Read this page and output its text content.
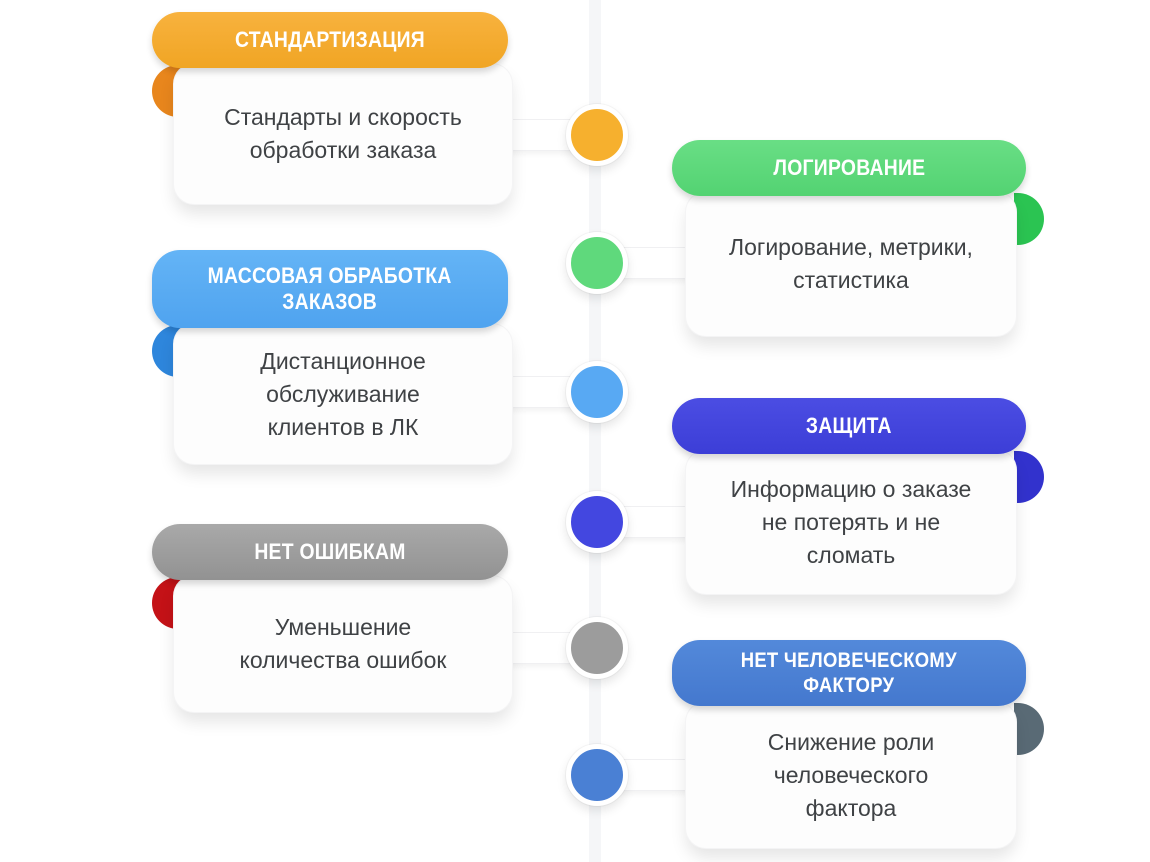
Стандарты и скорость
обработки заказа
СТАНДАРТИЗАЦИЯ
Дистанционное
обслуживание
клиентов в ЛК
МАССОВАЯ ОБРАБОТКА
ЗАКАЗОВ
Уменьшение
количества ошибок
НЕТ ОШИБКАМ
Логирование, метрики,
статистика
ЛОГИРОВАНИЕ
Информацию о заказе
не потерять и не
сломать
ЗАЩИТА
Снижение роли
человеческого
фактора
НЕТ ЧЕЛОВЕЧЕСКОМУ
ФАКТОРУ
